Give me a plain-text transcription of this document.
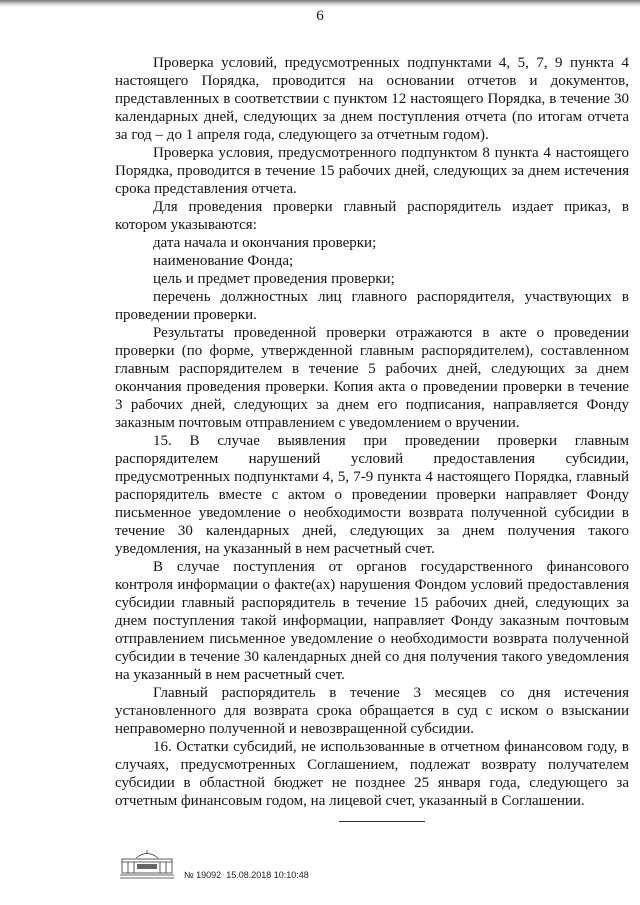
6

Проверка условий, предусмотренных подпунктами 4, 5, 7, 9 пункта 4 настоящего Порядка, проводится на основании отчетов и документов, представленных в соответствии с пунктом 12 настоящего Порядка, в течение 30 календарных дней, следующих за днем поступления отчета (по итогам отчета за год – до 1 апреля года, следующего за отчетным годом).

Проверка условия, предусмотренного подпунктом 8 пункта 4 настоящего Порядка, проводится в течение 15 рабочих дней, следующих за днем истечения срока представления отчета.

Для проведения проверки главный распорядитель издает приказ, в котором указываются:

дата начала и окончания проверки;

наименование Фонда;

цель и предмет проведения проверки;

перечень должностных лиц главного распорядителя, участвующих в проведении проверки.

Результаты проведенной проверки отражаются в акте о проведении проверки (по форме, утвержденной главным распорядителем), составленном главным распорядителем в течение 5 рабочих дней, следующих за днем окончания проведения проверки. Копия акта о проведении проверки в течение 3 рабочих дней, следующих за днем его подписания, направляется Фонду заказным почтовым отправлением с уведомлением о вручении.

15. В случае выявления при проведении проверки главным распорядителем нарушений условий предоставления субсидии, предусмотренных подпунктами 4, 5, 7-9 пункта 4 настоящего Порядка, главный распорядитель вместе с актом о проведении проверки направляет Фонду письменное уведомление о необходимости возврата полученной субсидии в течение 30 календарных дней, следующих за днем получения такого уведомления, на указанный в нем расчетный счет.

В случае поступления от органов государственного финансового контроля информации о факте(ах) нарушения Фондом условий предоставления субсидии главный распорядитель в течение 15 рабочих дней, следующих за днем поступления такой информации, направляет Фонду заказным почтовым отправлением письменное уведомление о необходимости возврата полученной субсидии в течение 30 календарных дней со дня получения такого уведомления на указанный в нем расчетный счет.

Главный распорядитель в течение 3 месяцев со дня истечения установленного для возврата срока обращается в суд с иском о взыскании неправомерно полученной и невозвращенной субсидии.

16. Остатки субсидий, не использованные в отчетном финансовом году, в случаях, предусмотренных Соглашением, подлежат возврату получателем субсидии в областной бюджет не позднее 25 января года, следующего за отчетным финансовым годом, на лицевой счет, указанный в Соглашении.

№ 19092 15.08.2018 10:10:48
